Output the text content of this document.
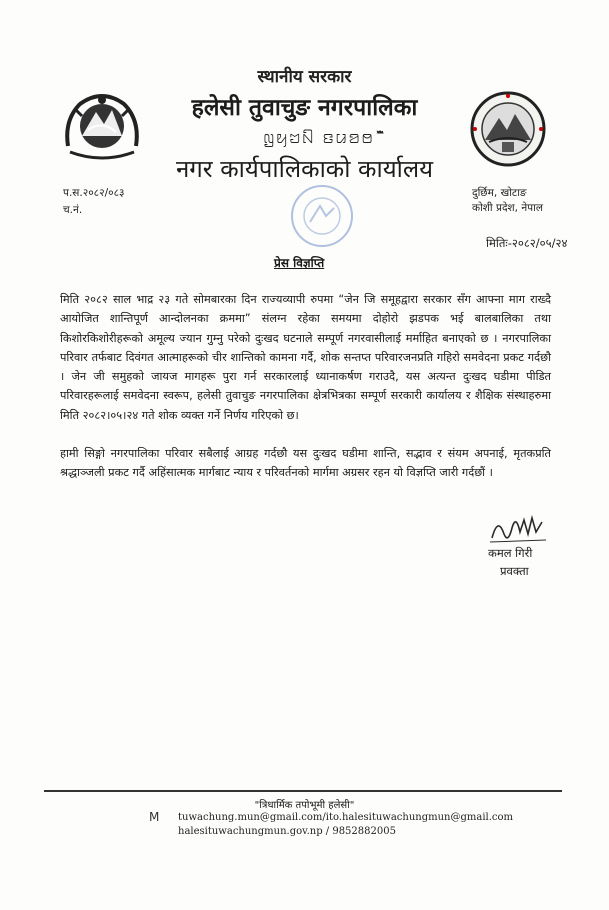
स्थानीय सरकार
हलेसी तुवाचुङ नगरपालिका
ꤜꤟꤠꤡ ꤢꤣꤤꤥ ꤦꤧꤨꤩꤪ
नगर कार्यपालिकाको कार्यालय
प.स.२०८२/०८३
च.नं.
दुर्छिम, खोटाङ
कोशी प्रदेश, नेपाल
मितिः-२०८२/०५/२४
प्रेस विज्ञप्ति
मिति २०८२ साल भाद्र २३ गते सोमबारका दिन राज्यव्यापी रुपमा “जेन जि समूहद्वारा सरकार सँग आफ्ना माग राख्दै आयोजित शान्तिपूर्ण आन्दोलनका क्रममा” संलग्न रहेका समयमा दोहोरो झडपक भई बालबालिका तथा किशोरकिशोरीहरूको अमूल्य ज्यान गुम्नु परेको दुःखद घटनाले सम्पूर्ण नगरवासीलाई मर्माहित बनाएको छ । नगरपालिका परिवार तर्फबाट दिवंगत आत्माहरूको चीर शान्तिको कामना गर्दै, शोक सन्तप्त परिवारजनप्रति गहिरो समवेदना प्रकट गर्दछौ । जेन जी समुहको जायज मागहरू पुरा गर्न सरकारलाई ध्यानाकर्षण गराउदै, यस अत्यन्त दुःखद घडीमा पीडित परिवारहरूलाई समवेदना स्वरूप, हलेसी तुवाचुङ नगरपालिका क्षेत्रभित्रका सम्पूर्ण सरकारी कार्यालय र शैक्षिक संस्थाहरुमा मिति २०८२।०५।२४ गते शोक व्यक्त गर्ने निर्णय गरिएको छ।
हामी सिङ्गो नगरपालिका परिवार सबैलाई आग्रह गर्दछौ यस दुःखद घडीमा शान्ति, सद्भाव र संयम अपनाई, मृतकप्रति श्रद्धाञ्जली प्रकट गर्दै अहिंसात्मक मार्गबाट न्याय र परिवर्तनको मार्गमा अग्रसर रहन यो विज्ञप्ति जारी गर्दछौं ।
कमल गिरी
प्रवक्ता
"त्रिधार्मिक तपोभूमी हलेसी"
M tuwachung.mun@gmail.com/ito.halesituwachungmun@gmail.com
halesituwachungmun.gov.np / 9852882005
